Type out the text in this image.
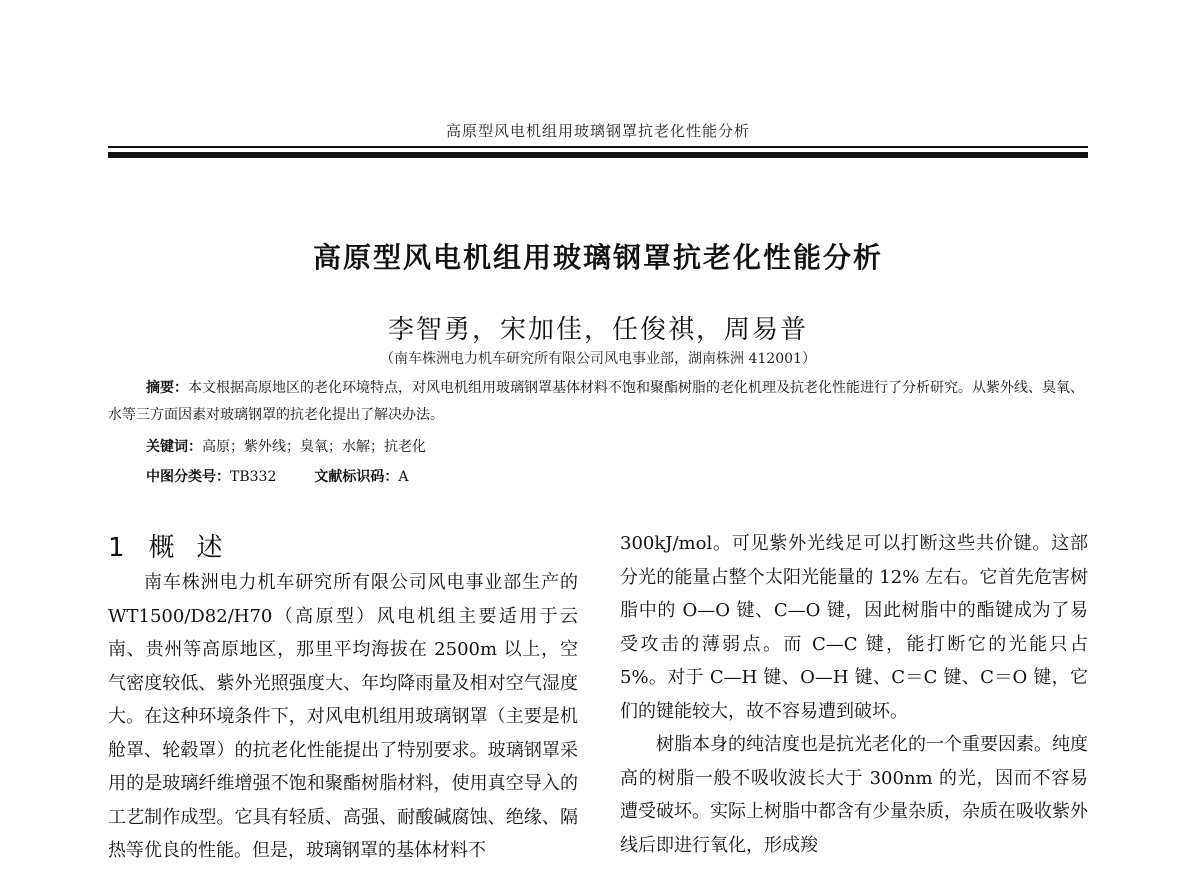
高原型风电机组用玻璃钢罩抗老化性能分析
高原型风电机组用玻璃钢罩抗老化性能分析
李智勇，宋加佳，任俊祺，周易普
（南车株洲电力机车研究所有限公司风电事业部，湖南株洲 412001）
摘要：本文根据高原地区的老化环境特点，对风电机组用玻璃钢罩基体材料不饱和聚酯树脂的老化机理及抗老化性能进行了分析研究。从紫外线、臭氧、水等三方面因素对玻璃钢罩的抗老化提出了解决办法。
关键词：高原；紫外线；臭氧；水解；抗老化
中图分类号：TB332	文献标识码：A
1 概述

南车株洲电力机车研究所有限公司风电事业部生产的 WT1500/D82/H70（高原型）风电机组主要适用于云南、贵州等高原地区，那里平均海拔在 2500m 以上，空气密度较低、紫外光照强度大、年均降雨量及相对空气湿度大。在这种环境条件下，对风电机组用玻璃钢罩（主要是机舱罩、轮毂罩）的抗老化性能提出了特别要求。玻璃钢罩采用的是玻璃纤维增强不饱和聚酯树脂材料，使用真空导入的工艺制作成型。它具有轻质、高强、耐酸碱腐蚀、绝缘、隔热等优良的性能。但是，玻璃钢罩的基体材料不

300kJ/mol。可见紫外光线足可以打断这些共价键。这部分光的能量占整个太阳光能量的 12% 左右。它首先危害树脂中的 O—O 键、C—O 键，因此树脂中的酯键成为了易受攻击的薄弱点。而 C—C 键，能打断它的光能只占 5%。对于 C—H 键、O—H 键、C＝C 键、C＝O 键，它们的键能较大，故不容易遭到破坏。

树脂本身的纯洁度也是抗光老化的一个重要因素。纯度高的树脂一般不吸收波长大于 300nm 的光，因而不容易遭受破坏。实际上树脂中都含有少量杂质，杂质在吸收紫外线后即进行氧化，形成羧
